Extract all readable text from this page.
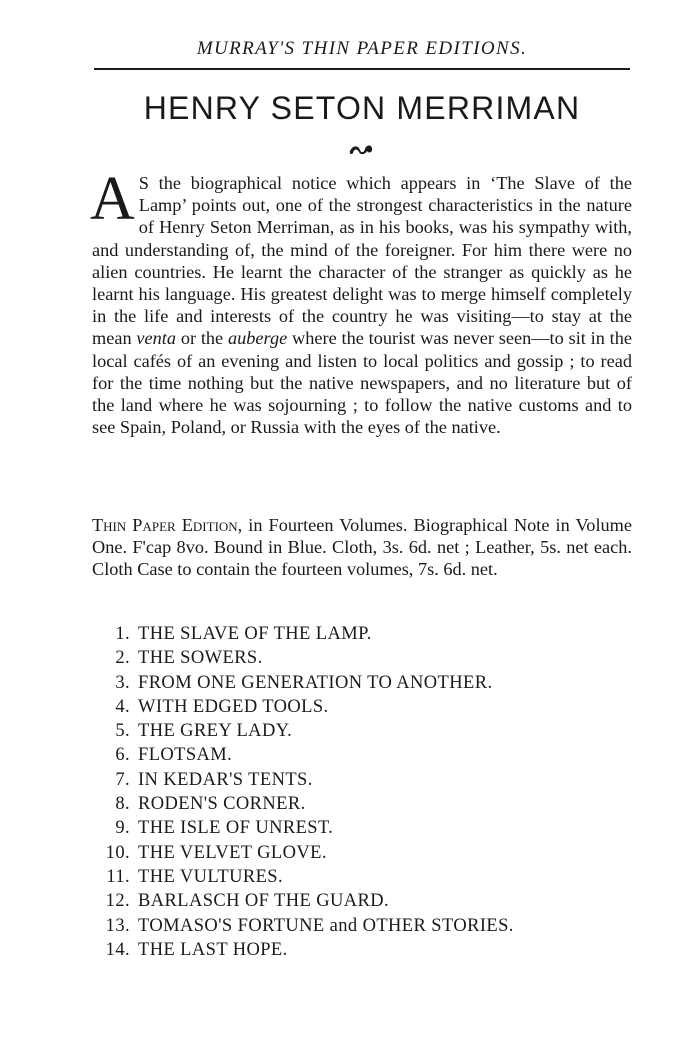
MURRAY'S THIN PAPER EDITIONS.
HENRY SETON MERRIMAN
A S the biographical notice which appears in ‘The Slave of the Lamp’ points out, one of the strongest characteristics in the nature of Henry Seton Merriman, as in his books, was his sympathy with, and understanding of, the mind of the foreigner. For him there were no alien countries. He learnt the character of the stranger as quickly as he learnt his language. His greatest delight was to merge himself completely in the life and interests of the country he was visiting—to stay at the mean venta or the auberge where the tourist was never seen—to sit in the local cafés of an evening and listen to local politics and gossip ; to read for the time nothing but the native newspapers, and no literature but of the land where he was sojourning ; to follow the native customs and to see Spain, Poland, or Russia with the eyes of the native.
Thin Paper Edition, in Fourteen Volumes. Biographical Note in Volume One. F'cap 8vo. Bound in Blue. Cloth, 3s. 6d. net ; Leather, 5s. net each. Cloth Case to contain the fourteen volumes, 7s. 6d. net.
1. THE SLAVE OF THE LAMP.
2. THE SOWERS.
3. FROM ONE GENERATION TO ANOTHER.
4. WITH EDGED TOOLS.
5. THE GREY LADY.
6. FLOTSAM.
7. IN KEDAR'S TENTS.
8. RODEN'S CORNER.
9. THE ISLE OF UNREST.
10. THE VELVET GLOVE.
11. THE VULTURES.
12. BARLASCH OF THE GUARD.
13. TOMASO'S FORTUNE and OTHER STORIES.
14. THE LAST HOPE.
